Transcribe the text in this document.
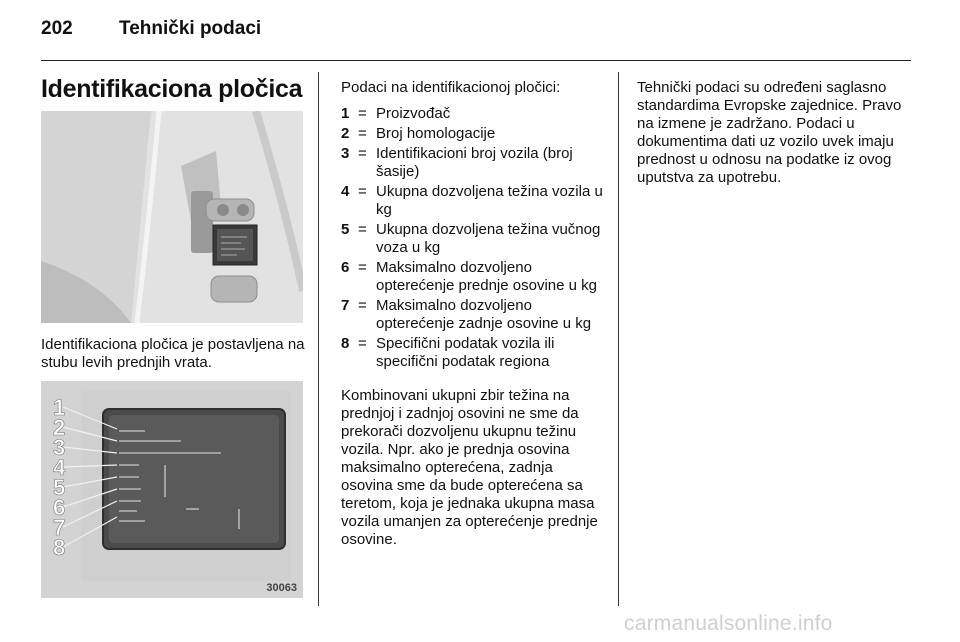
202 Tehnički podaci
Identifikaciona pločica
Identifikaciona pločica je postavljena na stubu levih prednjih vrata.
1
2
3
4
5
6
7
8
30063

Podaci na identifikacionoj pločici:

1 = Proizvođač
2 = Broj homologacije
3 = Identifikacioni broj vozila (broj šasije)
4 = Ukupna dozvoljena težina vozila u kg
5 = Ukupna dozvoljena težina vučnog voza u kg
6 = Maksimalno dozvoljeno opterećenje prednje osovine u kg
7 = Maksimalno dozvoljeno opterećenje zadnje osovine u kg
8 = Specifični podatak vozila ili specifični podatak regiona

Kombinovani ukupni zbir težina na prednjoj i zadnjoj osovini ne sme da prekorači dozvoljenu ukupnu težinu vozila. Npr. ako je prednja osovina maksimalno opterećena, zadnja osovina sme da bude opterećena sa teretom, koja je jednaka ukupna masa vozila umanjen za opterećenje prednje osovine.

Tehnički podaci su određeni saglasno standardima Evropske zajednice. Pravo na izmene je zadržano. Podaci u dokumentima dati uz vozilo uvek imaju prednost u odnosu na podatke iz ovog uputstva za upotrebu.

carmanualsonline.info
